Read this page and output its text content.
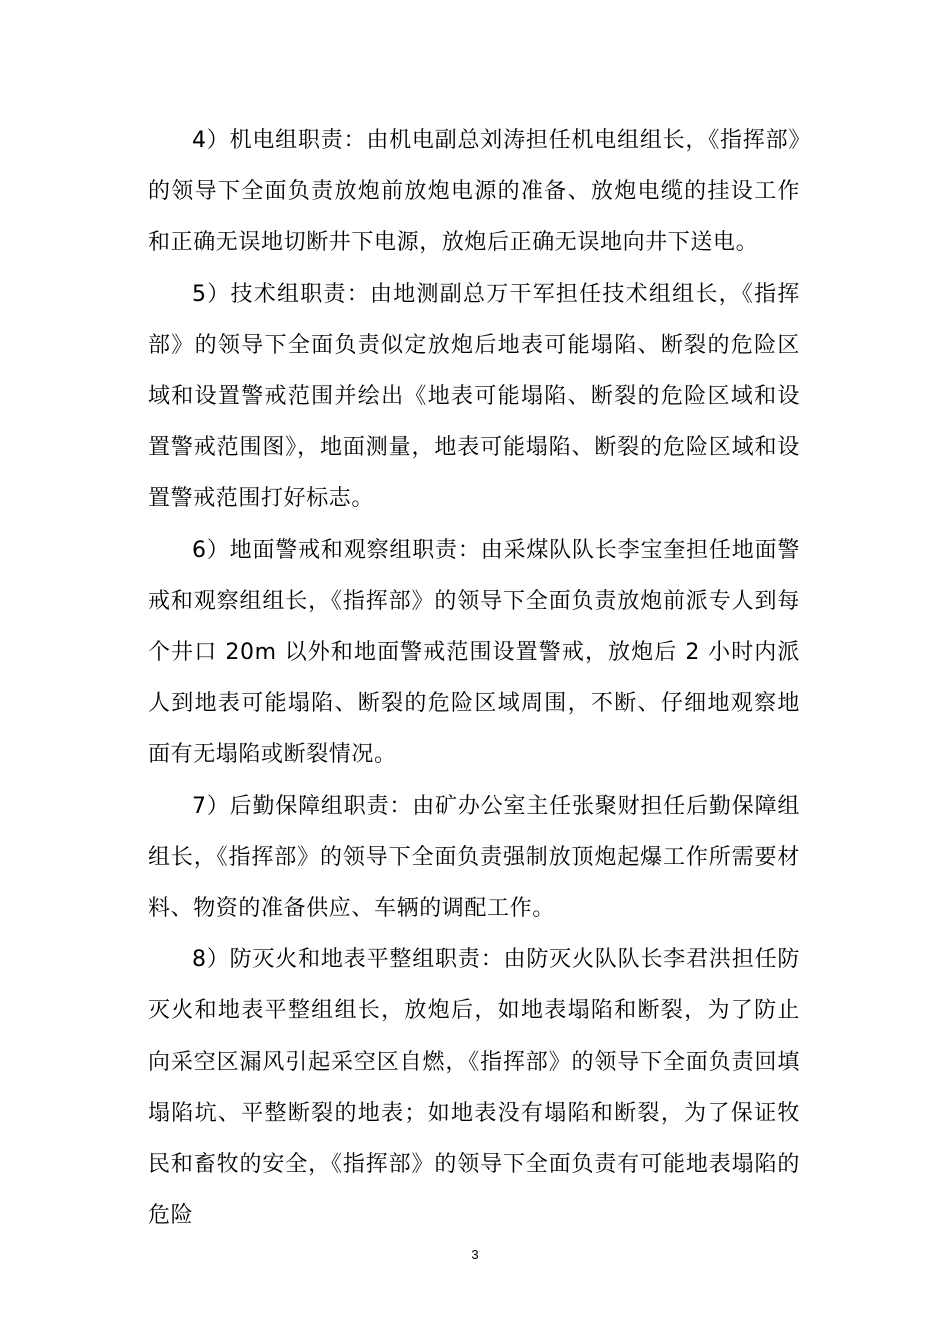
4）机电组职责：由机电副总刘涛担任机电组组长，《指挥部》的领导下全面负责放炮前放炮电源的准备、放炮电缆的挂设工作和正确无误地切断井下电源，放炮后正确无误地向井下送电。

5）技术组职责：由地测副总万干军担任技术组组长，《指挥部》的领导下全面负责似定放炮后地表可能塌陷、断裂的危险区域和设置警戒范围并绘出《地表可能塌陷、断裂的危险区域和设置警戒范围图》，地面测量，地表可能塌陷、断裂的危险区域和设置警戒范围打好标志。

6）地面警戒和观察组职责：由采煤队队长李宝奎担任地面警戒和观察组组长，《指挥部》的领导下全面负责放炮前派专人到每个井口 20m 以外和地面警戒范围设置警戒，放炮后 2 小时内派人到地表可能塌陷、断裂的危险区域周围，不断、仔细地观察地面有无塌陷或断裂情况。

7）后勤保障组职责：由矿办公室主任张聚财担任后勤保障组组长，《指挥部》的领导下全面负责强制放顶炮起爆工作所需要材料、物资的准备供应、车辆的调配工作。

8）防灭火和地表平整组职责：由防灭火队队长李君洪担任防灭火和地表平整组组长，放炮后，如地表塌陷和断裂，为了防止向采空区漏风引起采空区自燃，《指挥部》的领导下全面负责回填塌陷坑、平整断裂的地表；如地表没有塌陷和断裂，为了保证牧民和畜牧的安全，《指挥部》的领导下全面负责有可能地表塌陷的危险

3
